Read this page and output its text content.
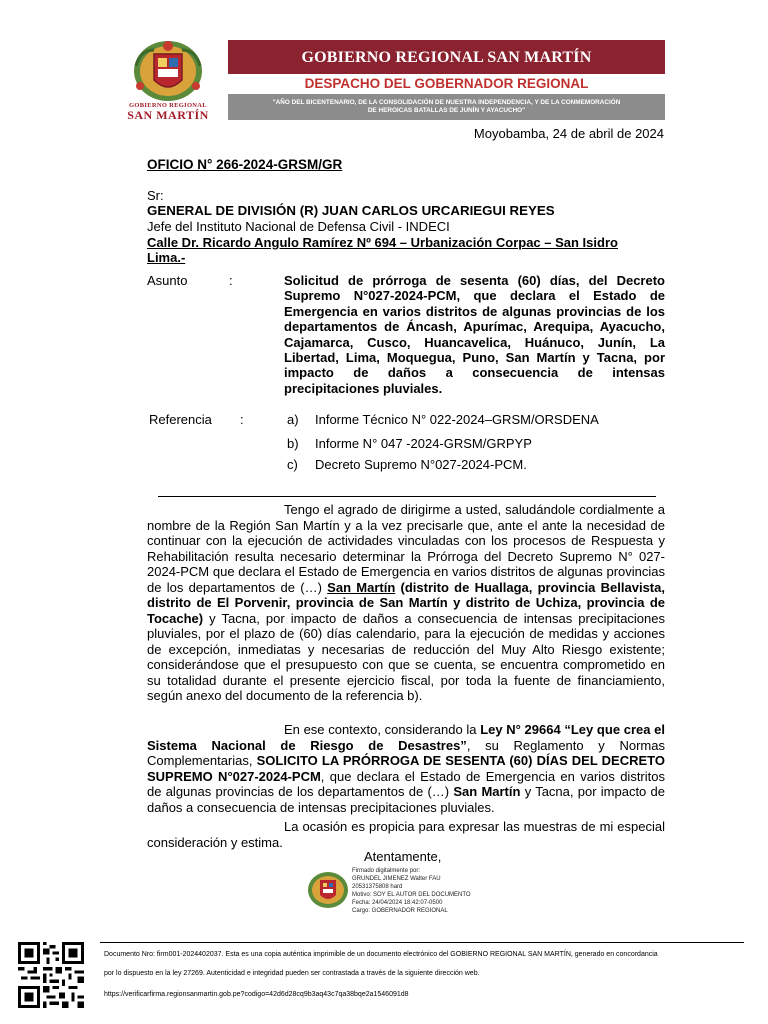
GOBIERNO REGIONAL
SAN MARTÍN
GOBIERNO REGIONAL SAN MARTÍN
DESPACHO DEL GOBERNADOR REGIONAL
"AÑO DEL BICENTENARIO, DE LA CONSOLIDACIÓN DE NUESTRA INDEPENDENCIA, Y DE LA CONMEMORACIÓN
DE HEROICAS BATALLAS DE JUNÍN Y AYACUCHO"
Moyobamba, 24 de abril de 2024
OFICIO N° 266-2024-GRSM/GR
Sr:
GENERAL DE DIVISIÓN (R) JUAN CARLOS URCARIEGUI REYES
Jefe del Instituto Nacional de Defensa Civil - INDECI
Calle Dr. Ricardo Angulo Ramírez Nº 694 – Urbanización Corpac – San Isidro
Lima.-
Asunto	:	Solicitud de prórroga de sesenta (60) días, del Decreto Supremo N°027-2024-PCM, que declara el Estado de Emergencia en varios distritos de algunas provincias de los departamentos de Áncash, Apurímac, Arequipa, Ayacucho, Cajamarca, Cusco, Huancavelica, Huánuco, Junín, La Libertad, Lima, Moquegua, Puno, San Martín y Tacna, por impacto de daños a consecuencia de intensas precipitaciones pluviales.
Referencia :	a) Informe Técnico N° 022-2024–GRSM/ORSDENA
b) Informe N° 047 -2024-GRSM/GRPYP
c) Decreto Supremo N°027-2024-PCM.
Tengo el agrado de dirigirme a usted, saludándole cordialmente a nombre de la Región San Martín y a la vez precisarle que, ante el ante la necesidad de continuar con la ejecución de actividades vinculadas con los procesos de Respuesta y Rehabilitación resulta necesario determinar la Prórroga del Decreto Supremo N° 027-2024-PCM que declara el Estado de Emergencia en varios distritos de algunas provincias de los departamentos de (…) San Martín (distrito de Huallaga, provincia Bellavista, distrito de El Porvenir, provincia de San Martín y distrito de Uchiza, provincia de Tocache) y Tacna, por impacto de daños a consecuencia de intensas precipitaciones pluviales, por el plazo de (60) días calendario, para la ejecución de medidas y acciones de excepción, inmediatas y necesarias de reducción del Muy Alto Riesgo existente; considerándose que el presupuesto con que se cuenta, se encuentra comprometido en su totalidad durante el presente ejercicio fiscal, por toda la fuente de financiamiento, según anexo del documento de la referencia b).
En ese contexto, considerando la Ley N° 29664 “Ley que crea el Sistema Nacional de Riesgo de Desastres”, su Reglamento y Normas Complementarias, SOLICITO LA PRÓRROGA DE SESENTA (60) DÍAS DEL DECRETO SUPREMO N°027-2024-PCM, que declara el Estado de Emergencia en varios distritos de algunas provincias de los departamentos de (…) San Martín y Tacna, por impacto de daños a consecuencia de intensas precipitaciones pluviales.
La ocasión es propicia para expresar las muestras de mi especial consideración y estima.
Atentamente,
Firmado digitalmente por:
GRUNDEL JIMENEZ Walter FAU
20531375808 hard
Motivo: SOY EL AUTOR DEL DOCUMENTO
Fecha: 24/04/2024 18:42:07-0500
Cargo: GOBERNADOR REGIONAL
Documento Nro: firm001-2024402037. Esta es una copia auténtica imprimible de un documento electrónico del GOBIERNO REGIONAL SAN MARTÍN, generado en concordancia
por lo dispuesto en la ley 27269. Autenticidad e integridad pueden ser contrastada a través de la siguiente dirección web.
https://verificarfirma.regionsanmartin.gob.pe?codigo=42d6d28cq9b3aq43c7qa38bqe2a1546091d8
